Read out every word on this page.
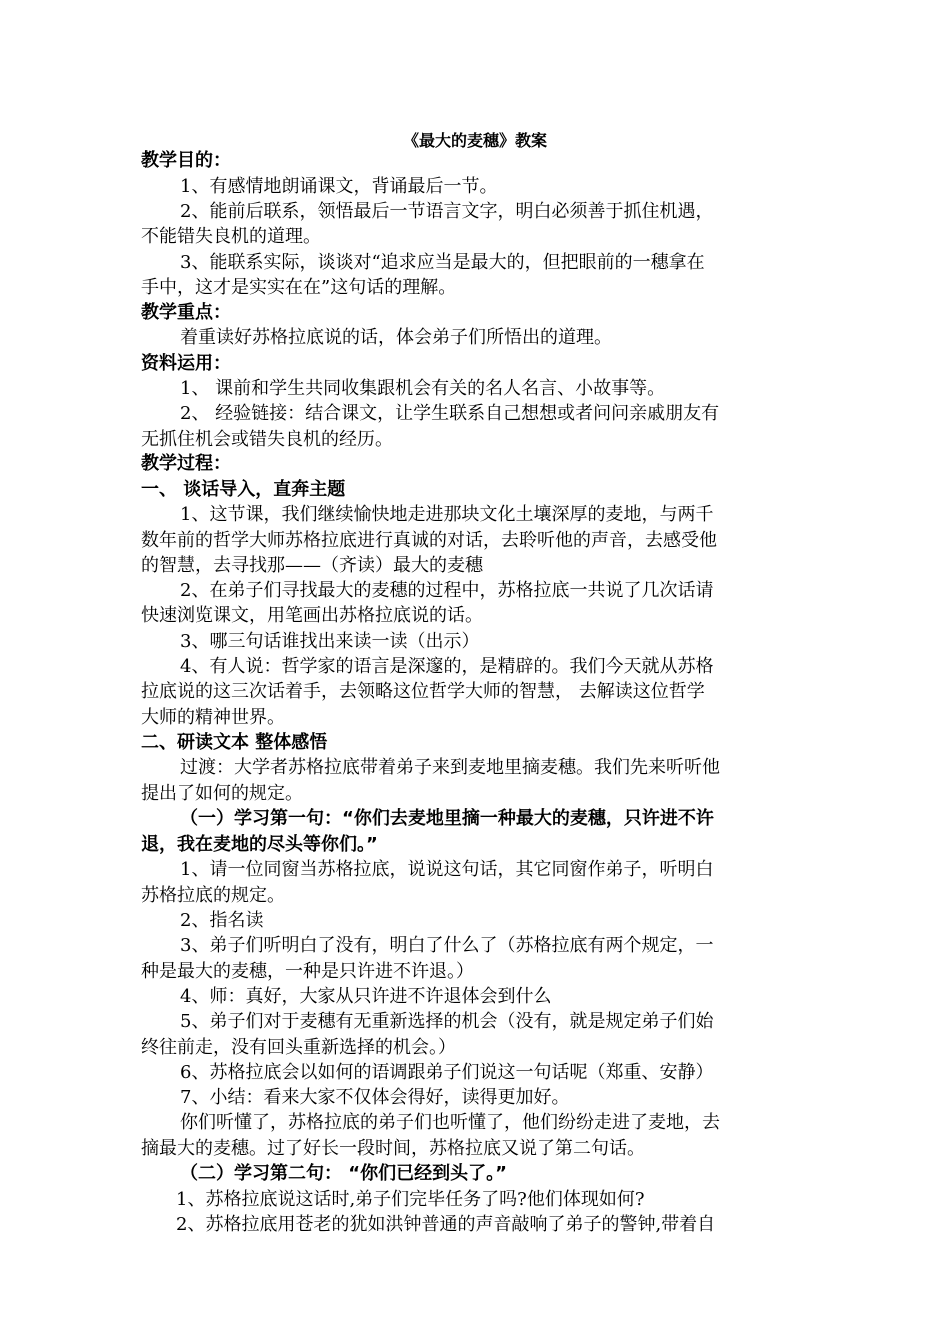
《最大的麦穗》教案
教学目的：
1、有感情地朗诵课文，背诵最后一节。
2、能前后联系，领悟最后一节语言文字，明白必须善于抓住机遇，
不能错失良机的道理。
3、能联系实际，谈谈对“追求应当是最大的，但把眼前的一穗拿在
手中，这才是实实在在”这句话的理解。
教学重点：
着重读好苏格拉底说的话，体会弟子们所悟出的道理。
资料运用：
1、 课前和学生共同收集跟机会有关的名人名言、小故事等。
2、 经验链接：结合课文，让学生联系自己想想或者问问亲戚朋友有
无抓住机会或错失良机的经历。
教学过程：
一、 谈话导入，直奔主题
1、这节课，我们继续愉快地走进那块文化土壤深厚的麦地，与两千
数年前的哲学大师苏格拉底进行真诚的对话，去聆听他的声音，去感受他
的智慧，去寻找那——（齐读）最大的麦穗
2、在弟子们寻找最大的麦穗的过程中，苏格拉底一共说了几次话请
快速浏览课文，用笔画出苏格拉底说的话。
3、哪三句话谁找出来读一读（出示）
4、有人说：哲学家的语言是深邃的，是精辟的。我们今天就从苏格
拉底说的这三次话着手，去领略这位哲学大师的智慧， 去解读这位哲学
大师的精神世界。
二、研读文本 整体感悟
过渡：大学者苏格拉底带着弟子来到麦地里摘麦穗。我们先来听听他
提出了如何的规定。
（一）学习第一句：“你们去麦地里摘一种最大的麦穗，只许进不许
退，我在麦地的尽头等你们。”
1、请一位同窗当苏格拉底，说说这句话，其它同窗作弟子，听明白
苏格拉底的规定。
2、指名读
3、弟子们听明白了没有，明白了什么了（苏格拉底有两个规定，一
种是最大的麦穗，一种是只许进不许退。）
4、师：真好，大家从只许进不许退体会到什么
5、弟子们对于麦穗有无重新选择的机会（没有，就是规定弟子们始
终往前走，没有回头重新选择的机会。）
6、苏格拉底会以如何的语调跟弟子们说这一句话呢（郑重、安静）
7、小结：看来大家不仅体会得好，读得更加好。
你们听懂了，苏格拉底的弟子们也听懂了，他们纷纷走进了麦地，去
摘最大的麦穗。过了好长一段时间，苏格拉底又说了第二句话。
（二）学习第二句： “你们已经到头了。”
1、苏格拉底说这话时,弟子们完毕任务了吗?他们体现如何?
2、苏格拉底用苍老的犹如洪钟普通的声音敲响了弟子的警钟,带着自
